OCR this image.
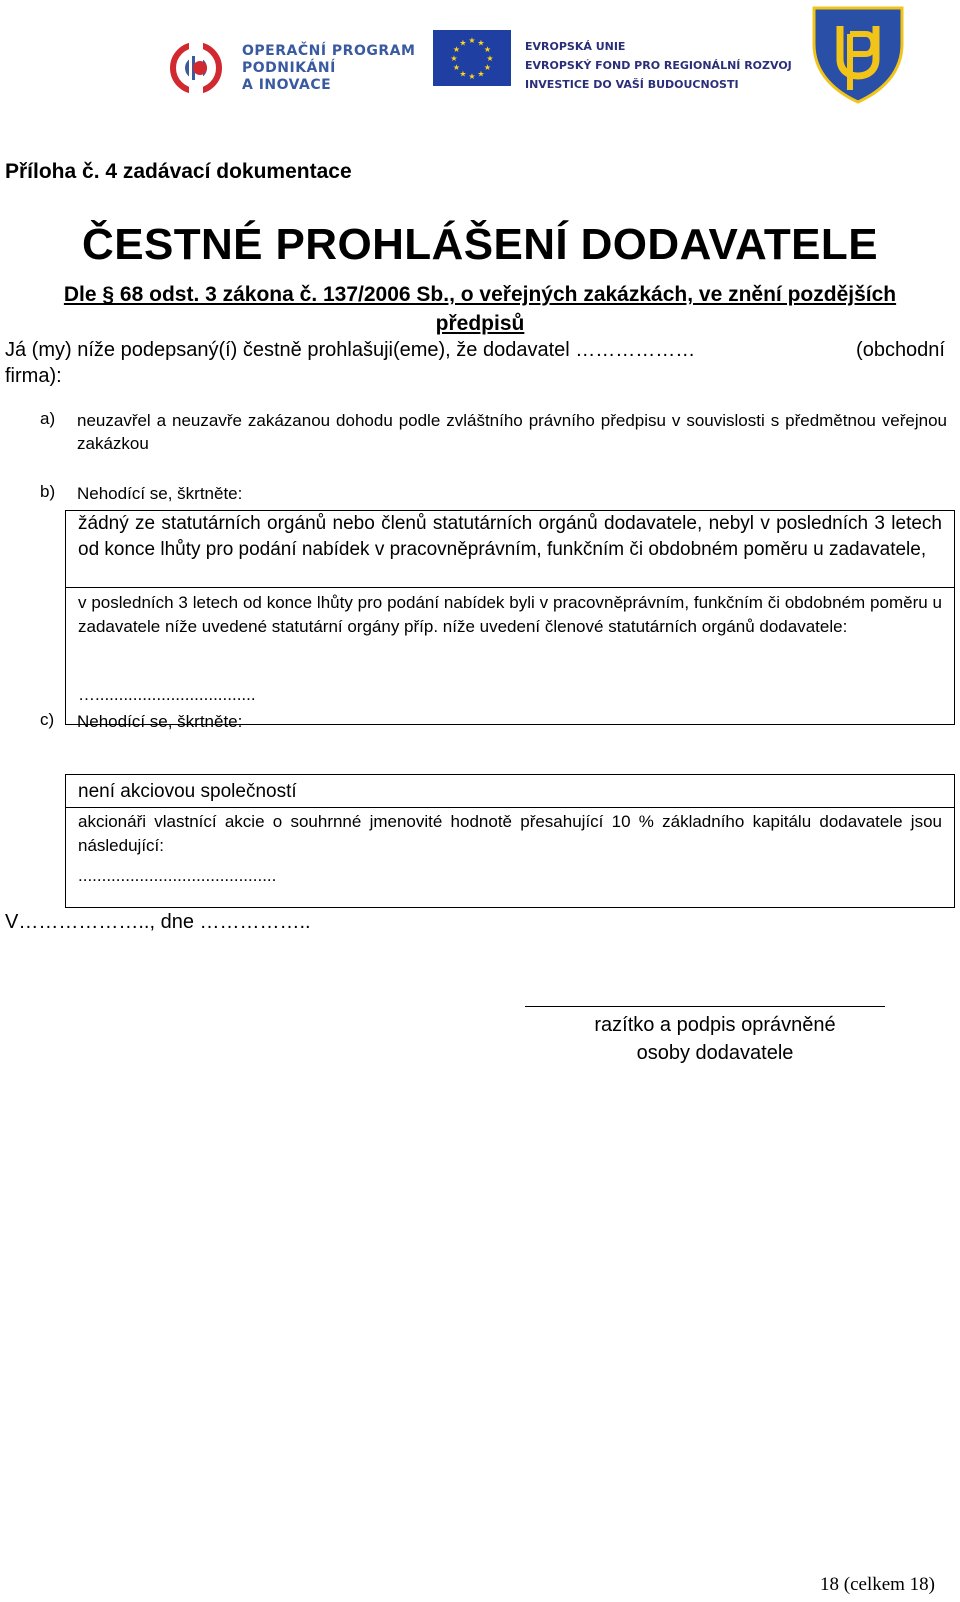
OPERAČNÍ PROGRAM
PODNIKÁNÍ
A INOVACE
★ ★
★
★
★
★
★
★
★
★
★
★	EVROPSKÁ UNIE
EVROPSKÝ FOND PRO REGIONÁLNÍ ROZVOJ
INVESTICE DO VAŠÍ BUDOUCNOSTI
Příloha č. 4 zadávací dokumentace
ČESTNÉ PROHLÁŠENÍ DODAVATELE
Dle § 68 odst. 3 zákona č. 137/2006 Sb., o veřejných zakázkách, ve znění pozdějších předpisů
Já (my) níže podepsaný(í) čestně prohlašuji(eme), že dodavatel ………………	(obchodní
firma):
a) neuzavřel a neuzavře zakázanou dohodu podle zvláštního právního předpisu v souvislosti s předmětnou veřejnou zakázkou
b) Nehodící se, škrtněte:
žádný ze statutárních orgánů nebo členů statutárních orgánů dodavatele, nebyl v posledních 3 letech od konce lhůty pro podání nabídek v pracovněprávním, funkčním či obdobném poměru u zadavatele,
v posledních 3 letech od konce lhůty pro podání nabídek byli v pracovněprávním, funkčním či obdobném poměru u zadavatele níže uvedené statutární orgány příp. níže uvedení členové statutárních orgánů dodavatele:
…..................................
c) Nehodící se, škrtněte:
není akciovou společností
akcionáři vlastnící akcie o souhrnné jmenovité hodnotě přesahující 10 % základního kapitálu dodavatele jsou následující:
..........................................
V……………….., dne ……………..
razítko a podpis oprávněné
osoby dodavatele
18 (celkem 18)
